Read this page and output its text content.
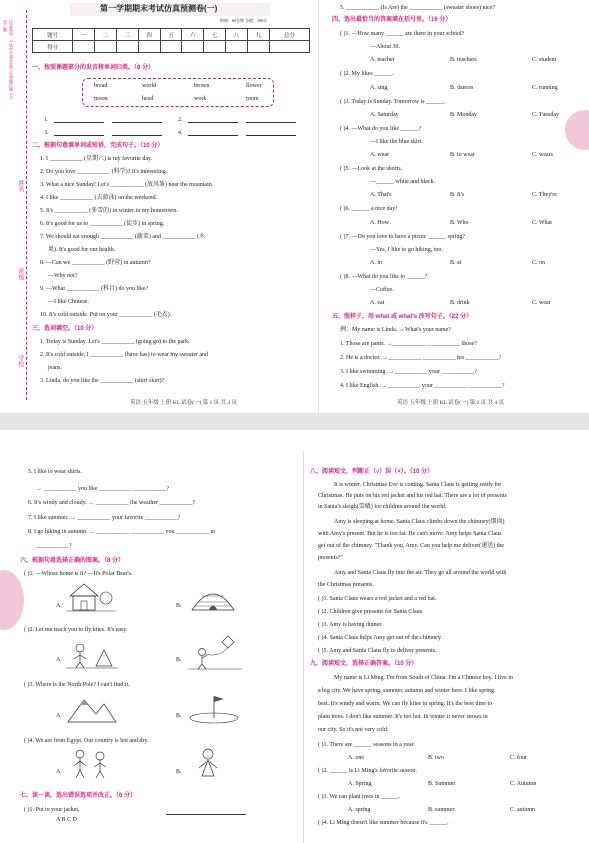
注意事项：1.请考生将答案写在答题区域 2.字迹工整
姓名
班级
学校
第一学期期末考试仿真预测卷(一)
时间：60分钟 分值：100分
题号	一	二	三	四	五	六	七	八	九	总分
得分										
一、按照课题部分的发音将单词归类。（8 分）
bread	world	brown	flower
moon	head	work	room
1.	2.
3.	4.
二、根据句意填单词或短语，完成句子。（10 分）
1. I ___________ (星期六) is my favorite day.
2. Do you love ___________ (科学)? It's interesting.
3. What a nice Sunday! Let's ___________ (放风筝) near the mountain.
4. I like ___________ (去游泳) on the weekend.
5. It's ___________ (多雪的) in winter in my hometown.
6. It's good for us to ___________ (徒步) in spring.
7. We should eat enough ___________ (蔬菜) and ___________ (水
果). It's good for our health.
8. —Can we ___________ (野营) in autumn?
—Why not?
9. —What ___________ (科目) do you like?
—I like Chinese.
10. It's cold outside. Put on your ___________ (毛衣).
三、选词填空。（10 分）
1. Today is Sunday. Let's ___________ (going go) to the park.
2. It's cold outside. I ___________ (have has) to wear my sweater and
jeans.
3. Linda, do you like the ___________ (shirt skirt)?
英语 五年级 上册 KL 试卷(一) 第 1 页 共 4 页
5. ___________ (Is Are) the ___________ (sweater shoes) nice?
四、选出最恰当的答案填在括号里。（16 分）
( )1. —How many ______ are there in your school?
—About 30.
A. teacher	B. teachers	C. student
( )2. My likes ______.
A. sing	B. dances	C. running
( )3. Today is Sunday. Tomorrow is ______.
A. Saturday	B. Monday	C. Tuesday
( )4. —What do you like ______?
—I like the blue skirt.
A. wear	B. to wear	C. wears
( )5. —Look at the shorts.
—______ white and black.
A. That's	B. It's	C. They're
( )6. ______ a nice day!
A. How	B. Who	C. What
( )7. —Do you love to have a picnic ______ spring?
—Yes, I like to go hiking, too.
A. in	B. at	C. on
( )8. —What do you like to ______?
—Coffee.
A. eat	B. drink	C. wear
五、照样子，用 what 或 what's 改写句子。（22 分）
例：My name is Linda. →What's your name?
1. Those are pants. →___________ ___________ those?
2. He is a doctor. →___________ ___________ his ___________?
3. I like swimming. →___________ your ___________?
4. I like English. →___________ your ___________ ___________?
英语 五年级 上册 KL 试卷(一) 第 2 页 共 4 页
5. I like to wear shirts.
→ ___________ you like ___________ ___________?
6. It's windy and cloudy. → ___________ the weather ___________?
7. I like summer. → ___________ your favorite ___________?
8. I go hiking in autumn. → ___________ ___________ you ___________ in
___________?
六、根据句意选择正确的图案。（8 分）
( )1. —Whose home is it? —It's Polar Bear's.
A.	B.
( )2. Let me teach you to fly kites. It's easy.
A.	B.
( )3. Where is the North Pole? I can't find it.
A.	B.
( )4. We are from Egypt. Our country is hot and dry.
A.	B.
七、读一读，选出错误选项并改正。（6 分）
( )1. Put to your jacket.
A B C D
八、阅读短文，判断正（√）误（×）。（10 分）
It is winter. Christmas Eve is coming. Santa Claus is getting ready for
Christmas. He puts on his red jacket and his red hat. There are a lot of presents
in Santa's sleigh(雪橇) for children around the world.
Amy is sleeping at home. Santa Claus climbs down the chimney(烟囱)
with Amy's present. But he is too fat. He can't move. Amy helps Santa Claus
get out of the chimney. "Thank you, Amy. Can you help me deliver(递送) the
presents?"
Amy and Santa Claus fly into the air. They go all around the world with
the Christmas presents.
( )1. Santa Claus wears a red jacket and a red hat.
( )2. Children give presents for Santa Claus.
( )3. Amy is having dinner.
( )4. Santa Claus helps Amy get out of the chimney.
( )5. Amy and Santa Claus fly to deliver presents.
九、阅读短文，选择正确答案。（10 分）
My name is Li Ming. I'm from South of China. I'm a Chinese boy. I live in
a big city. We have spring, summer, autumn and winter here. I like spring
best. It's windy and warm. We can fly kites in spring. It's the best time to
plant trees. I don't like summer. It's too hot. In winter it never snows in
our city. So it's not very cold.
( )1. There are ______ seasons in a year.
A. one	B. two	C. four
( )2. ______ is Li Ming's favorite season.
A. Spring	B. Summer	C. Autumn
( )3. We can plant trees in ______.
A. spring	B. summer	C. autumn
( )4. Li Ming doesn't like summer because it's ______.
